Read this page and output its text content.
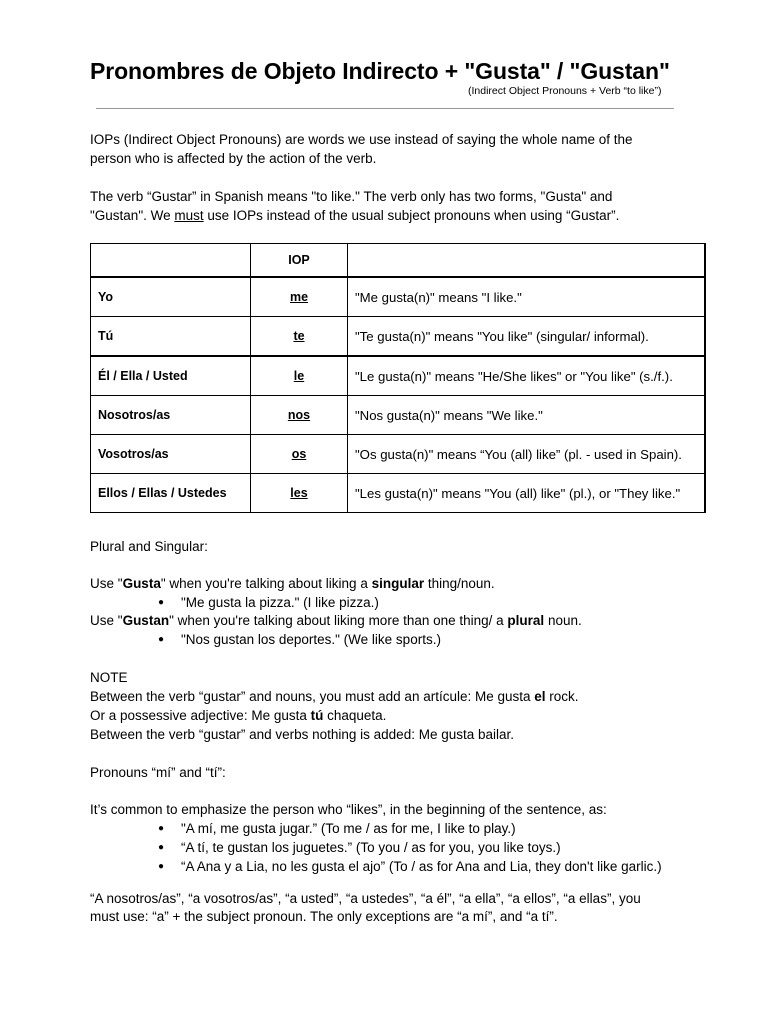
Pronombres de Objeto Indirecto + "Gusta" / "Gustan"
(Indirect Object Pronouns + Verb “to like”)
IOPs (Indirect Object Pronouns) are words we use instead of saying the whole name of the
person who is affected by the action of the verb.
The verb “Gustar” in Spanish means "to like." The verb only has two forms, "Gusta" and
"Gustan". We must use IOPs instead of the usual subject pronouns when using “Gustar”.
	IOP	
Yo	me	"Me gusta(n)" means "I like."
Tú	te	"Te gusta(n)" means "You like" (singular/ informal).
Él / Ella / Usted	le	"Le gusta(n)" means "He/She likes" or "You like" (s./f.).
Nosotros/as	nos	"Nos gusta(n)" means "We like."
Vosotros/as	os	"Os gusta(n)" means “You (all) like” (pl. - used in Spain).
Ellos / Ellas / Ustedes	les	"Les gusta(n)" means "You (all) like" (pl.), or "They like."
Plural and Singular:
Use "Gusta" when you're talking about liking a singular thing/noun.
● "Me gusta la pizza." (I like pizza.)
Use "Gustan" when you're talking about liking more than one thing/ a plural noun.
● "Nos gustan los deportes." (We like sports.)
NOTE
Between the verb “gustar” and nouns, you must add an artícule: Me gusta el rock.
Or a possessive adjective: Me gusta tú chaqueta.
Between the verb “gustar” and verbs nothing is added: Me gusta bailar.
Pronouns “mí” and “tí”:
It’s common to emphasize the person who “likes”, in the beginning of the sentence, as:
● "A mí, me gusta jugar.” (To me / as for me, I like to play.)
● “A tí, te gustan los juguetes.” (To you / as for you, you like toys.)
● “A Ana y a Lia, no les gusta el ajo” (To / as for Ana and Lia, they don't like garlic.)
“A nosotros/as”, “a vosotros/as”, “a usted”, “a ustedes”, “a él”, “a ella”, “a ellos”, “a ellas”, you
must use: “a” + the subject pronoun. The only exceptions are “a mí”, and “a tí”.
